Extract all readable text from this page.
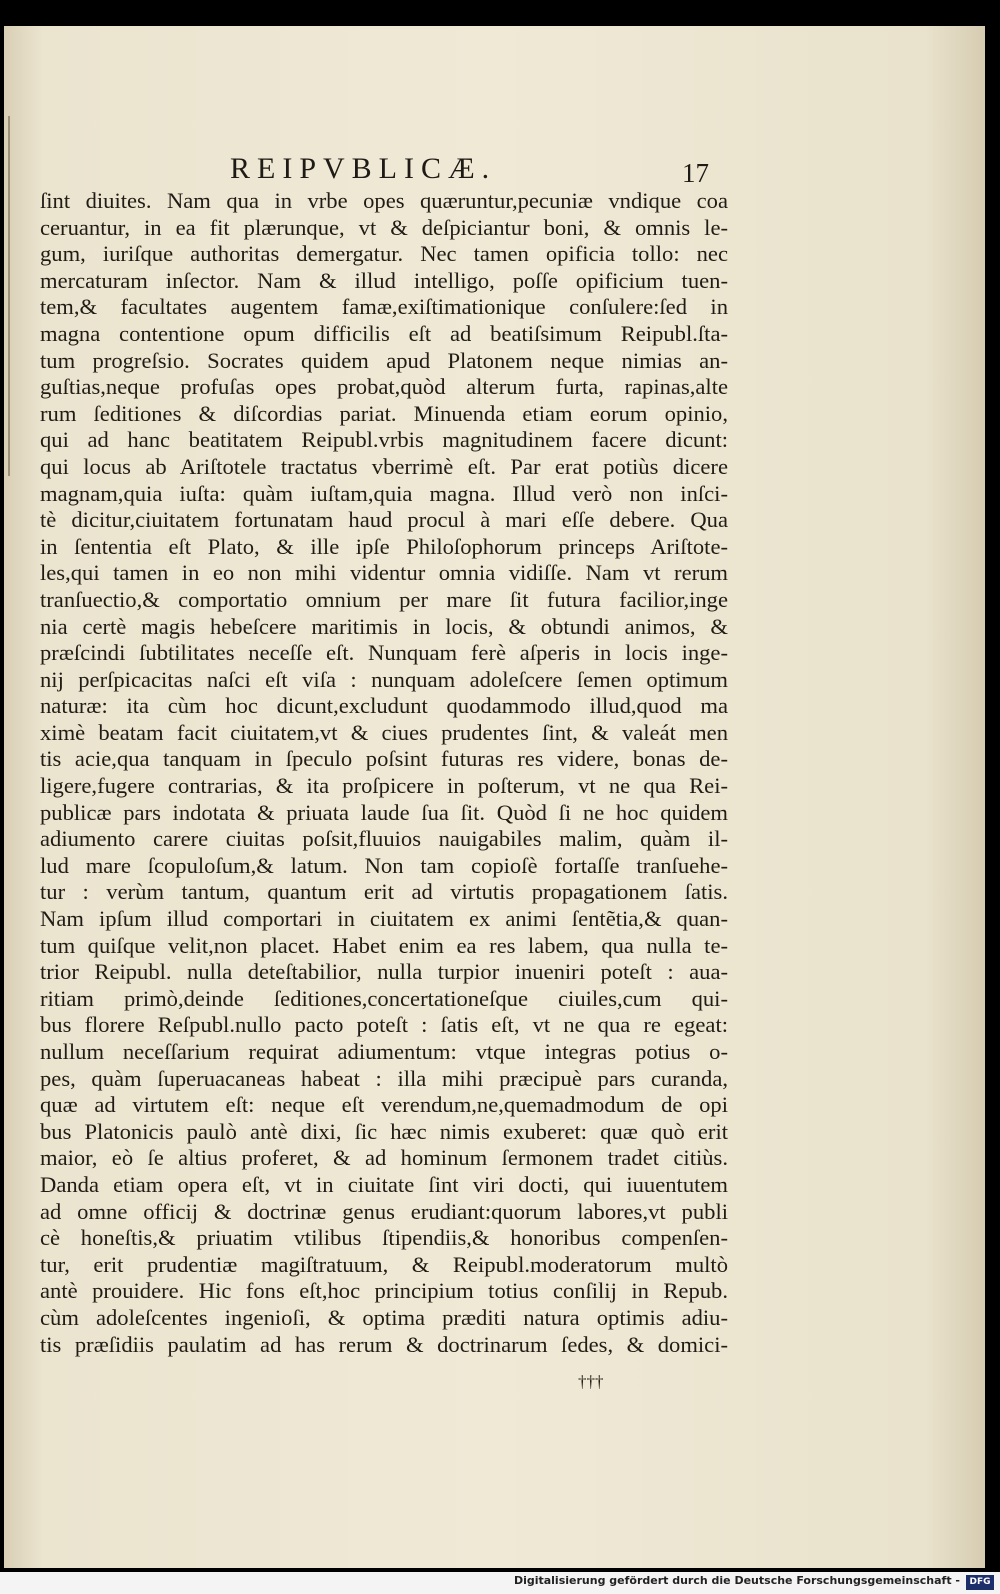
REIPVBLICÆ.	17
ſint diuites. Nam qua in vrbe opes quæruntur,pecuniæ vndique coa
ceruantur, in ea fit plærunque, vt & deſpiciantur boni, & omnis le-
gum, iuriſque authoritas demergatur. Nec tamen opificia tollo: nec
mercaturam inſector. Nam & illud intelligo, poſſe opificium tuen-
tem,& facultates augentem famæ,exiſtimationique conſulere:ſed in
magna contentione opum difficilis eſt ad beatiſsimum Reipubl.ſta-
tum progreſsio. Socrates quidem apud Platonem neque nimias an-
guſtias,neque profuſas opes probat,quòd alterum furta, rapinas,alte
rum ſeditiones & diſcordias pariat. Minuenda etiam eorum opinio,
qui ad hanc beatitatem Reipubl.vrbis magnitudinem facere dicunt:
qui locus ab Ariſtotele tractatus vberrimè eſt. Par erat potiùs dicere
magnam,quia iuſta: quàm iuſtam,quia magna. Illud verò non inſci-
tè dicitur,ciuitatem fortunatam haud procul à mari eſſe debere. Qua
in ſententia eſt Plato, & ille ipſe Philoſophorum princeps Ariſtote-
les,qui tamen in eo non mihi videntur omnia vidiſſe. Nam vt rerum
tranſuectio,& comportatio omnium per mare ſit futura facilior,inge
nia certè magis hebeſcere maritimis in locis, & obtundi animos, &
præſcindi ſubtilitates neceſſe eſt. Nunquam ferè aſperis in locis inge-
nij perſpicacitas naſci eſt viſa : nunquam adoleſcere ſemen optimum
naturæ: ita cùm hoc dicunt,excludunt quodammodo illud,quod ma
ximè beatam facit ciuitatem,vt & ciues prudentes ſint, & valeát men
tis acie,qua tanquam in ſpeculo poſsint futuras res videre, bonas de-
ligere,fugere contrarias, & ita proſpicere in poſterum, vt ne qua Rei-
publicæ pars indotata & priuata laude ſua ſit. Quòd ſi ne hoc quidem
adiumento carere ciuitas poſsit,fluuios nauigabiles malim, quàm il-
lud mare ſcopuloſum,& latum. Non tam copioſè fortaſſe tranſuehe-
tur : verùm tantum, quantum erit ad virtutis propagationem ſatis.
Nam ipſum illud comportari in ciuitatem ex animi ſentẽtia,& quan-
tum quiſque velit,non placet. Habet enim ea res labem, qua nulla te-
trior Reipubl. nulla deteſtabilior, nulla turpior inueniri poteſt : aua-
ritiam primò,deinde ſeditiones,concertationeſque ciuiles,cum qui-
bus florere Reſpubl.nullo pacto poteſt : ſatis eſt, vt ne qua re egeat:
nullum neceſſarium requirat adiumentum: vtque integras potius o-
pes, quàm ſuperuacaneas habeat : illa mihi præcipuè pars curanda,
quæ ad virtutem eſt: neque eſt verendum,ne,quemadmodum de opi
bus Platonicis paulò antè dixi, ſic hæc nimis exuberet: quæ quò erit
maior, eò ſe altius proferet, & ad hominum ſermonem tradet citiùs.
Danda etiam opera eſt, vt in ciuitate ſint viri docti, qui iuuentutem
ad omne officij & doctrinæ genus erudiant:quorum labores,vt publi
cè honeſtis,& priuatim vtilibus ſtipendiis,& honoribus compenſen-
tur, erit prudentiæ magiſtratuum, & Reipubl.moderatorum multò
antè prouidere. Hic fons eſt,hoc principium totius conſilij in Repub.
cùm adoleſcentes ingenioſi, & optima præditi natura optimis adiu-
tis præſidiis paulatim ad has rerum & doctrinarum ſedes, & domici-
†††
Digitalisierung gefördert durch die Deutsche Forschungsgemeinschaft -	DFG
